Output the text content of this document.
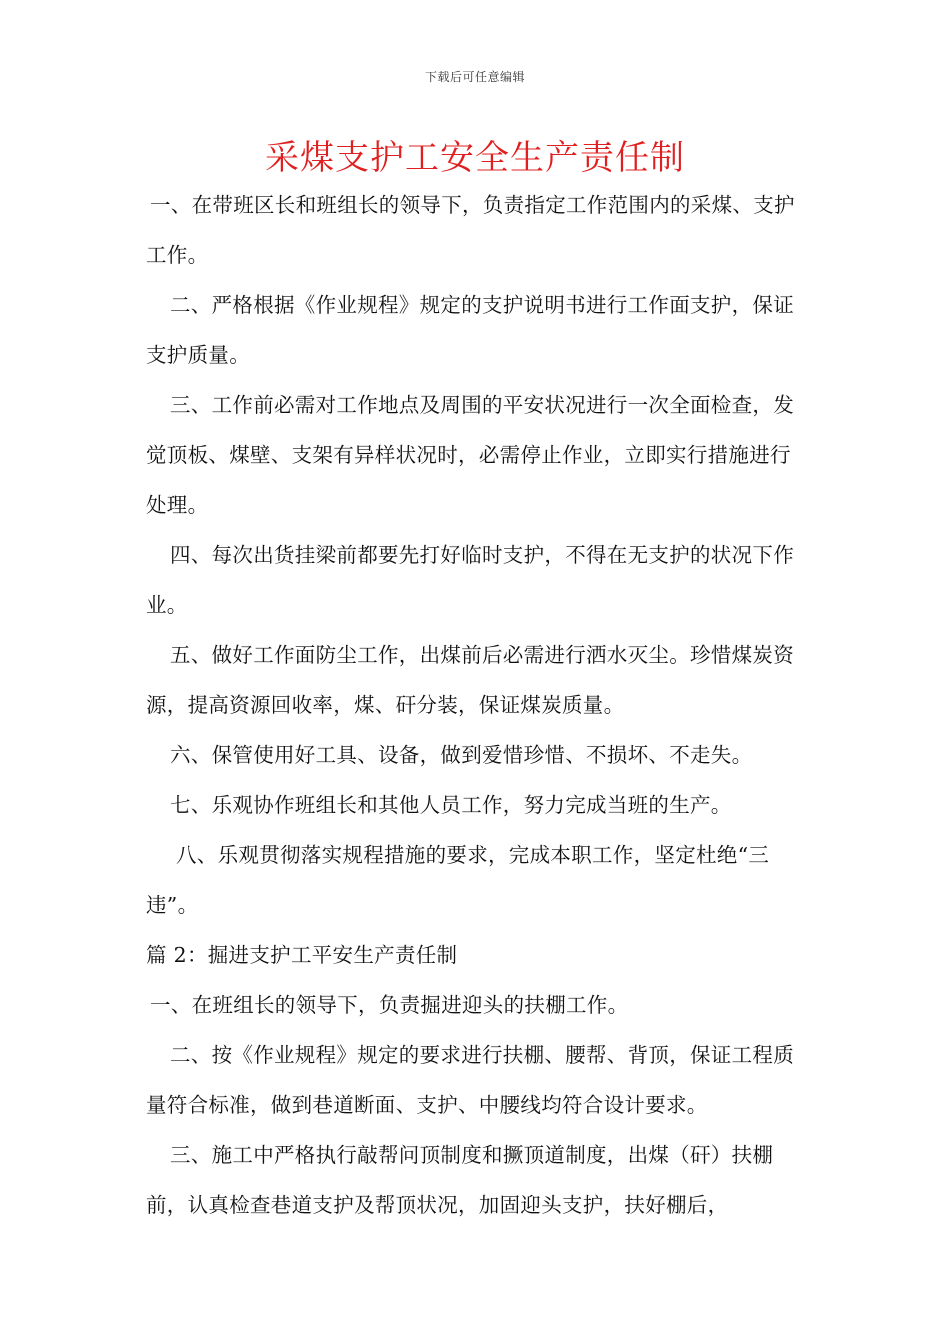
下载后可任意编辑
采煤支护工安全生产责任制

一、在带班区长和班组长的领导下，负责指定工作范围内的采煤、支护工作。

二、严格根据《作业规程》规定的支护说明书进行工作面支护，保证支护质量。

三、工作前必需对工作地点及周围的平安状况进行一次全面检查，发觉顶板、煤壁、支架有异样状况时，必需停止作业，立即实行措施进行处理。

四、每次出货挂梁前都要先打好临时支护，不得在无支护的状况下作业。

五、做好工作面防尘工作，出煤前后必需进行洒水灭尘。珍惜煤炭资源，提高资源回收率，煤、矸分装，保证煤炭质量。

六、保管使用好工具、设备，做到爱惜珍惜、不损坏、不走失。

七、乐观协作班组长和其他人员工作，努力完成当班的生产。

八、乐观贯彻落实规程措施的要求，完成本职工作，坚定杜绝“三违”。

篇 2：掘进支护工平安生产责任制

一、在班组长的领导下，负责掘进迎头的扶棚工作。

二、按《作业规程》规定的要求进行扶棚、腰帮、背顶，保证工程质量符合标准，做到巷道断面、支护、中腰线均符合设计要求。

三、施工中严格执行敲帮问顶制度和撅顶道制度，出煤（矸）扶棚前，认真检查巷道支护及帮顶状况，加固迎头支护，扶好棚后，
